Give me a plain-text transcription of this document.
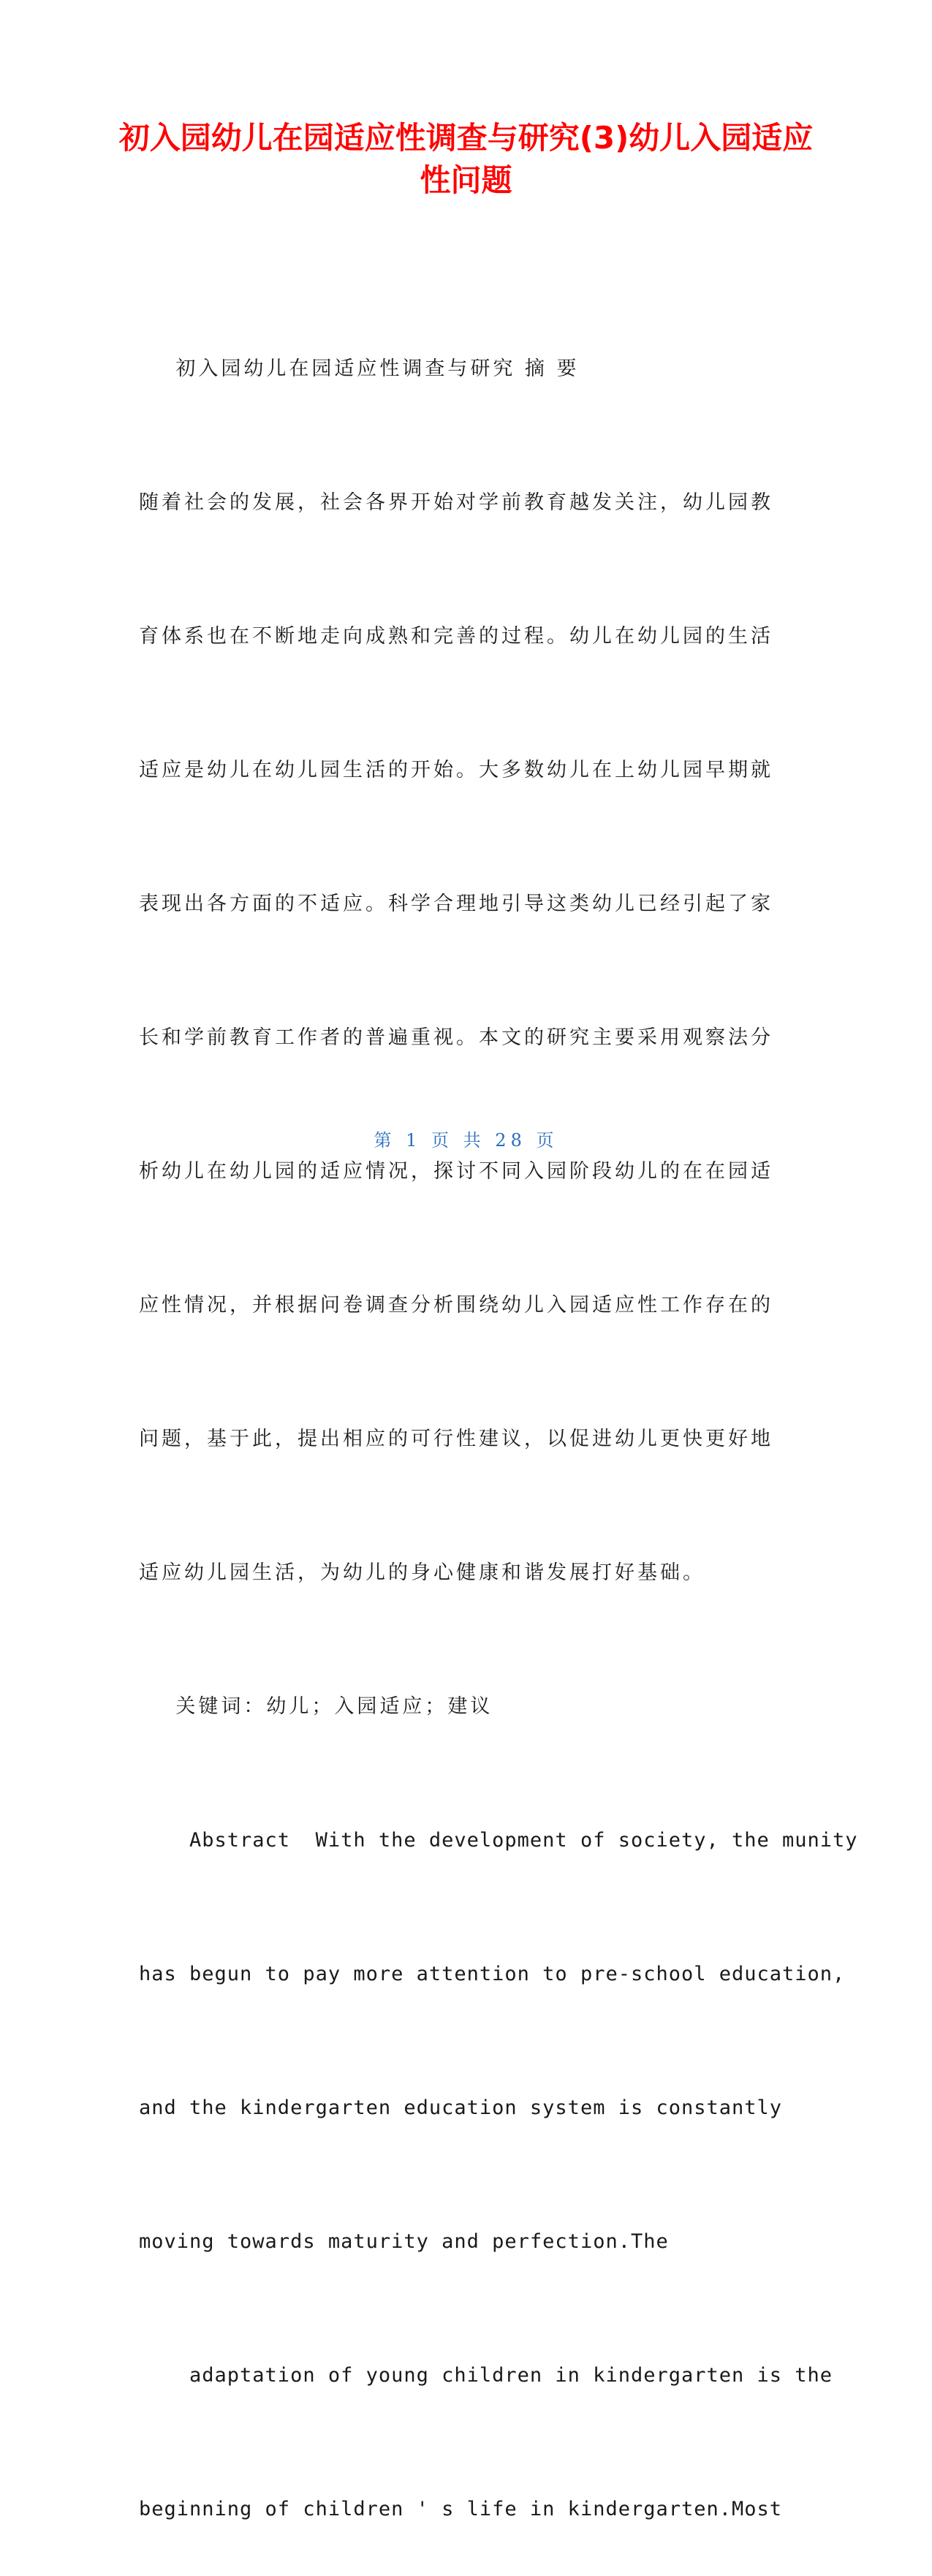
初入园幼儿在园适应性调查与研究(3)幼儿入园适应性问题

初入园幼儿在园适应性调查与研究 摘 要

随着社会的发展，社会各界开始对学前教育越发关注，幼儿园教

育体系也在不断地走向成熟和完善的过程。幼儿在幼儿园的生活

适应是幼儿在幼儿园生活的开始。大多数幼儿在上幼儿园早期就

表现出各方面的不适应。科学合理地引导这类幼儿已经引起了家

长和学前教育工作者的普遍重视。本文的研究主要采用观察法分

析幼儿在幼儿园的适应情况，探讨不同入园阶段幼儿的在在园适

应性情况，并根据问卷调查分析围绕幼儿入园适应性工作存在的

问题，基于此，提出相应的可行性建议，以促进幼儿更快更好地

适应幼儿园生活，为幼儿的身心健康和谐发展打好基础。

关键词：幼儿；入园适应；建议

Abstract  With the development of society, the munity

has begun to pay more attention to pre-school education,

and the kindergarten education system is constantly

moving towards maturity and perfection.The

adaptation of young children in kindergarten is the

beginning of children ' s life in kindergarten.Most

第 1 页 共 28 页
